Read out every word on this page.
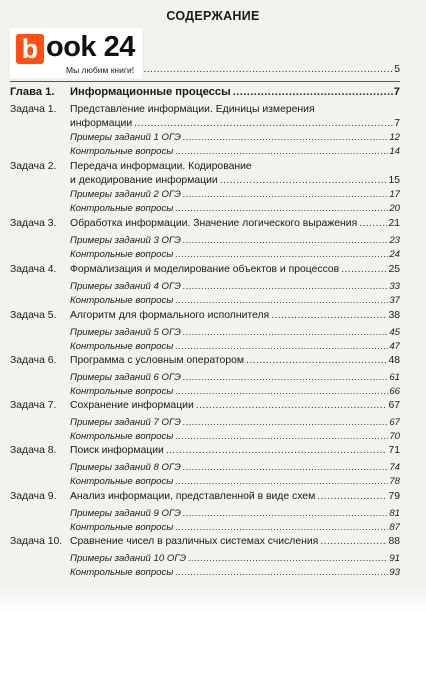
СОДЕРЖАНИЕ
b ook 24
Мы любим книги! .....	5
Глава 1. Информационные процессы .....	7
Задача 1. Представление информации. Единицы измерения
информации .....	7
Примеры заданий 1 ОГЭ .....	12
Контрольные вопросы .....	14
Задача 2. Передача информации. Кодирование
и декодирование информации .....	15
Примеры заданий 2 ОГЭ .....	17
Контрольные вопросы .....	20
Задача 3. Обработка информации. Значение логического выражения .....	21
Примеры заданий 3 ОГЭ .....	23
Контрольные вопросы .....	24
Задача 4. Формализация и моделирование объектов и процессов .....	25
Примеры заданий 4 ОГЭ .....	33
Контрольные вопросы .....	37
Задача 5. Алгоритм для формального исполнителя .....	38
Примеры заданий 5 ОГЭ .....	45
Контрольные вопросы .....	47
Задача 6. Программа с условным оператором .....	48
Примеры заданий 6 ОГЭ .....	61
Контрольные вопросы .....	66
Задача 7. Сохранение информации .....	67
Примеры заданий 7 ОГЭ .....	67
Контрольные вопросы .....	70
Задача 8. Поиск информации .....	71
Примеры заданий 8 ОГЭ .....	74
Контрольные вопросы .....	78
Задача 9. Анализ информации, представленной в виде схем .....	79
Примеры заданий 9 ОГЭ .....	81
Контрольные вопросы .....	87
Задача 10. Сравнение чисел в различных системах счисления .....	88
Примеры заданий 10 ОГЭ .....	91
Контрольные вопросы .....	93
